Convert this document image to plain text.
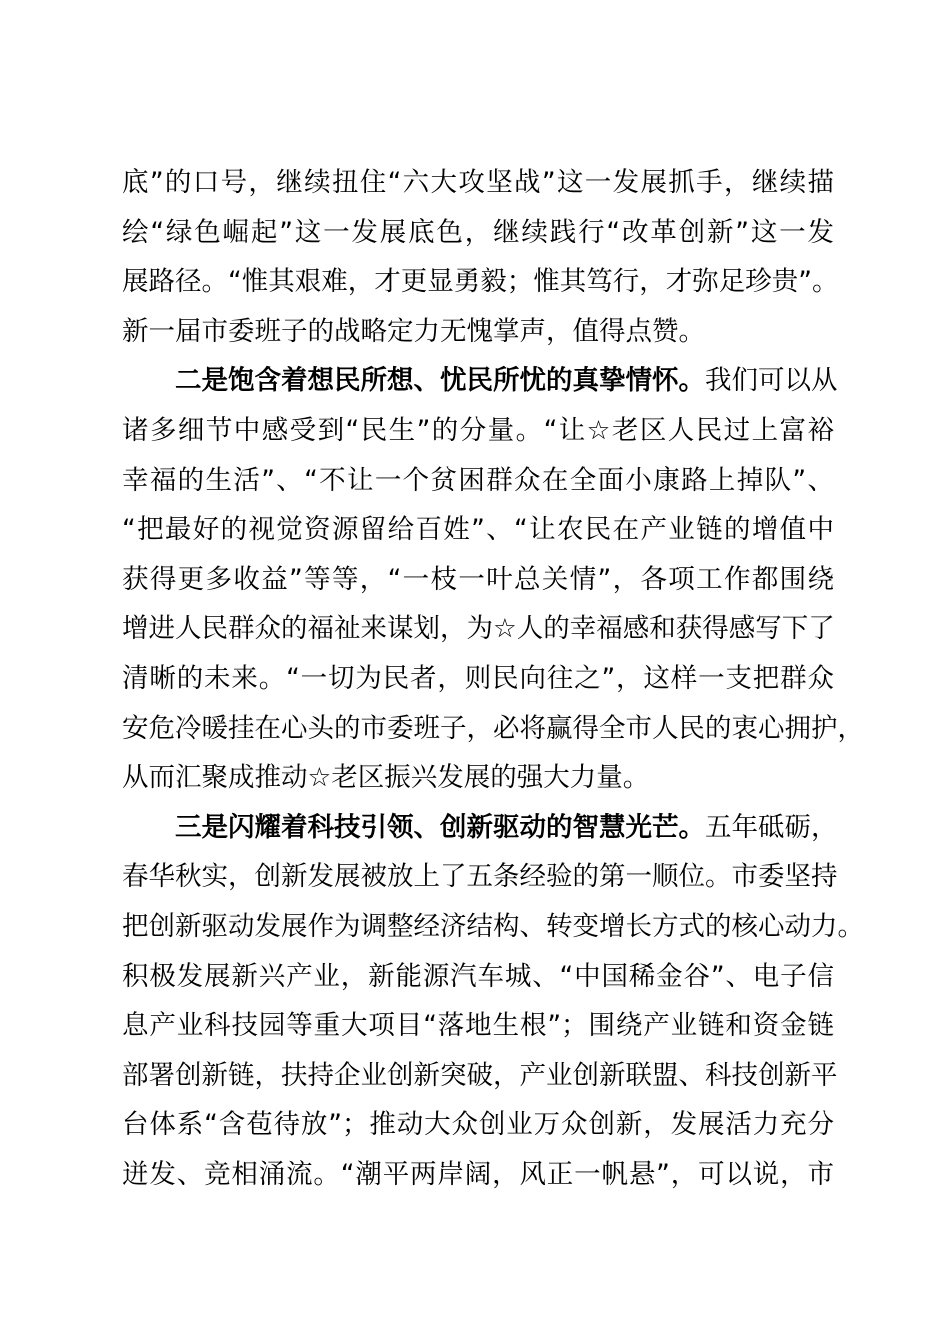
底”的口号，继续扭住“六大攻坚战”这一发展抓手，继续描
绘“绿色崛起”这一发展底色，继续践行“改革创新”这一发
展路径。“惟其艰难，才更显勇毅；惟其笃行，才弥足珍贵”。
新一届市委班子的战略定力无愧掌声，值得点赞。
二是饱含着想民所想、忧民所忧的真挚情怀。我们可以从
诸多细节中感受到“民生”的分量。“让☆老区人民过上富裕
幸福的生活”、“不让一个贫困群众在全面小康路上掉队”、
“把最好的视觉资源留给百姓”、“让农民在产业链的增值中
获得更多收益”等等，“一枝一叶总关情”，各项工作都围绕
增进人民群众的福祉来谋划，为☆人的幸福感和获得感写下了
清晰的未来。“一切为民者，则民向往之”，这样一支把群众
安危冷暖挂在心头的市委班子，必将赢得全市人民的衷心拥护，
从而汇聚成推动☆老区振兴发展的强大力量。
三是闪耀着科技引领、创新驱动的智慧光芒。五年砥砺，
春华秋实，创新发展被放上了五条经验的第一顺位。市委坚持
把创新驱动发展作为调整经济结构、转变增长方式的核心动力。
积极发展新兴产业，新能源汽车城、“中国稀金谷”、电子信
息产业科技园等重大项目“落地生根”；围绕产业链和资金链
部署创新链，扶持企业创新突破，产业创新联盟、科技创新平
台体系“含苞待放”；推动大众创业万众创新，发展活力充分
迸发、竞相涌流。“潮平两岸阔，风正一帆悬”，可以说，市
